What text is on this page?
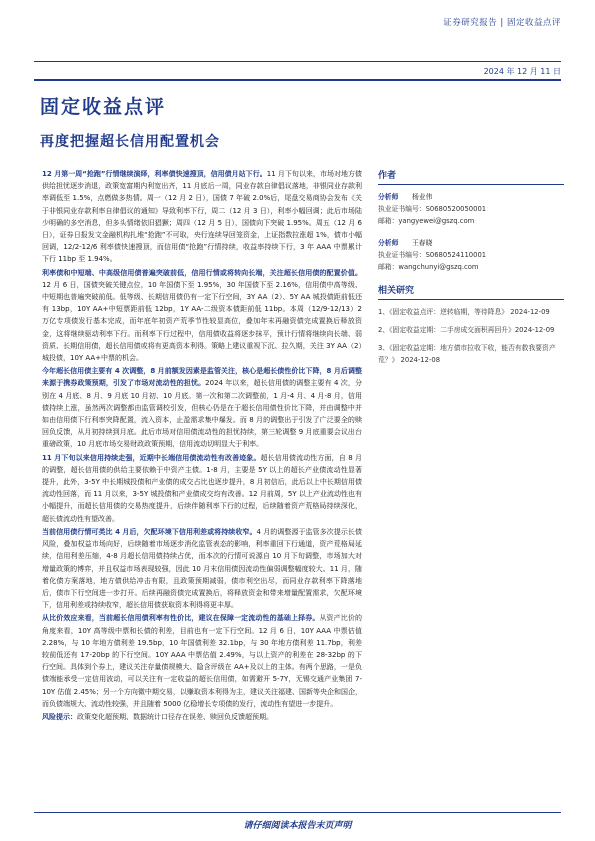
证券研究报告 | 固定收益点评
2024 年 12 月 11 日
固定收益点评
再度把握超长信用配置机会

12 月第一周“抢跑”行情继续演绎，利率债快速搜顶，信用债月站下行。11 月下旬以来，市场对地方债供给担忧逐步消退，政策宽富期内利宽出齐，11 月底后一周，同业存款自律倡议落地，非银同业存款利率调低至 1.5%，点燃做多热情。周一（12 月 2 日），国债 7 年破 2.0%后，尾盘交易商协会发布《关于非银同业存款利率自律倡议的通知》导致利率下行，周二（12 月 3 日），利率小幅回调；此后市场陆少明确的多空消息，但多头情绪依旧猖獗；周四（12 月 5 日），国债向下突破 1.95%。周五（12 月 6 日），证券日报发文金融机构扎堆“抢跑”不可取，央行连续导回笼资金，上证指数拉涨超 1%，债市小幅回调，12/2-12/6 利率债快速搜顶，而信用债“抢跑”行情持续，收益率持续下行，3 年 AAA 中票累计下行 11bp 至 1.94%。

利率债和中短端、中高级信用债普遍突破前低，信用行情或将转向长端，关注超长信用债的配置价值。12 月 6 日，国债突破关键点位，10 年国债下至 1.95%，30 年国债下至 2.16%，信用债中高等级、中短期也普遍突破前低。低等级、长期信用债仍有一定下行空间，3Y AA（2）、5Y AA 城投债距前低还有 13bp，10Y AA+中短票距前低 12bp，1Y AA-二级资本债距前低 11bp。本周（12/9-12/13）2 万亿专项债发行基本完成，而年底年初资产荒季节性较显高位，叠加年末再融资债完成置换后释放资金，这将继续驱动利率下行。而利率下行过程中，信用债收益将逐步抹平，预计行情将继续向长端、弱资质、长期信用债，超长信用债或将有更高资本利得。策略上建议重视下沉、拉久期，关注 3Y AA（2）城投债，10Y AA+中票的机会。

今年超长信用债主要有 4 次调整，8 月前额发因素是监管关注，核心是超长债性价比下降，8 月后调整来源于携券政策预期，引发了市场对流动性的担忧。2024 年以来，超长信用债的调整主要有 4 次，分别在 4 月底、8 月、9 月底 10 月初、10 月底。第一次和第二次调整前，1 月-4 月、4 月-8 月，信用债持续上涨，虽然两次调整都由监管调校引发，但核心仍是在于超长信用债性价比下降，并由调整中并如由信用债下行利率突降配置，流入资本，止盈需求集中爆发。而 8 月的调整出于引发了广泛要全的赎回负反馈，从月初持续到月底。此后市场对信用债流动性的担忧持续，第三轮调整 9 月底重要会议出台重磅政策，10 月底市场交易财政政策预期，信用流动切明显大于利率。

11 月下旬以来信用持续走强，近期中长端信用债流动性有改善迹象。超长信用债流动性方面，自 8 月的调整，超长信用债的供给主要依赖于中资产主债。1-8 月，主要是 5Y 以上的超长产业债流动性显著提升，此外，3-5Y 中长期城投债和产业债的成交占比也逐步提升，8 月初信后，此后以上中长期信用债流动性回落，而 11 月以来，3-5Y 城投债和产业债成交均有改善。12 月前周，5Y 以上产业流动性也有小幅提升，而超长信用债的交易热度提升，后续伴随利率下行的过程，后续随着资产荒格局持续深化，超长债流动性有望改善。

当前信用债行情可类比 4 月后，欠配环境下信用利差或将持续收窄。4 月的调整源于监管多次提示长债风险，叠加权益市场向好，后续随着市场逐步消化监管表态的影响，利率重回下行通道，资产荒格局延续，信用利差压缩，4-8 月超长信用债持续占优，而本次的行情可说源自 10 月下旬调整，市场加大对增量政策的博弈，并且权益市场表现较强，因此 10 月末信用债因流动性偏弱调整幅度较大。11 月，随着化债方案落地，地方债供给冲击有限，且政策预期减弱，债市利空出尽，而同业存款利率下降落地后，债市下行空间进一步打开。后续再融资债完成置换后，将释放资金和带来增量配置需求，欠配环境下，信用利差或持续收窄，超长信用债获取资本利得将更丰厚。

从比价效应来看，当前超长信用债利率有性价比，建议在保障一定流动性的基础上择券。从资产比价的角度来看，10Y 高等级中票和长债的利差，目前也有一定下行空间。12 月 6 日，10Y AAA 中票估值 2.28%，与 10 年地方债利差 19.5bp，10 年国债利差 32.1bp，与 30 年地方债利差 11.7bp，利差较前低还有 17-20bp 的下行空间。10Y AAA 中票估值 2.49%，与以上资产的利差在 28-32bp 的下行空间。具体到个券上，建议关注存量债规模大、隐含评级在 AA+及以上的主体。有两个思路，一是负债端能承受一定信用波动，可以关注有一定收益的超长信用债，如需避开 5-7Y，无锡交通产业集团 7-10Y 估值 2.45%；另一个方向微中期交易，以赚取资本利得为主，建议关注福建、国新等央企和国企，而负债端规大、流动性较强，并且随着 5000 亿稳增长专项债的发行，流动性有望进一步提升。

风险提示：政策变化超预期、数据统计口径存在误差、赎回负反馈超预期。

作者
分析师	杨业伟
执业证书编号：S0680520050001
邮箱：yangyewei@gszq.com
分析师	王春晓
执业证书编号：S0680524110001
邮箱：wangchunyi@gszq.com
相关研究
1、《固定收益点评：逆转临期，等待降息》 2024-12-09
2、《固定收益定期：二手房成交面积再回升》2024-12-09
3、《固定收益定期：地方债市拉收下收，能否有救我要资产荒？》 2024-12-08
请仔细阅读本报告末页声明
